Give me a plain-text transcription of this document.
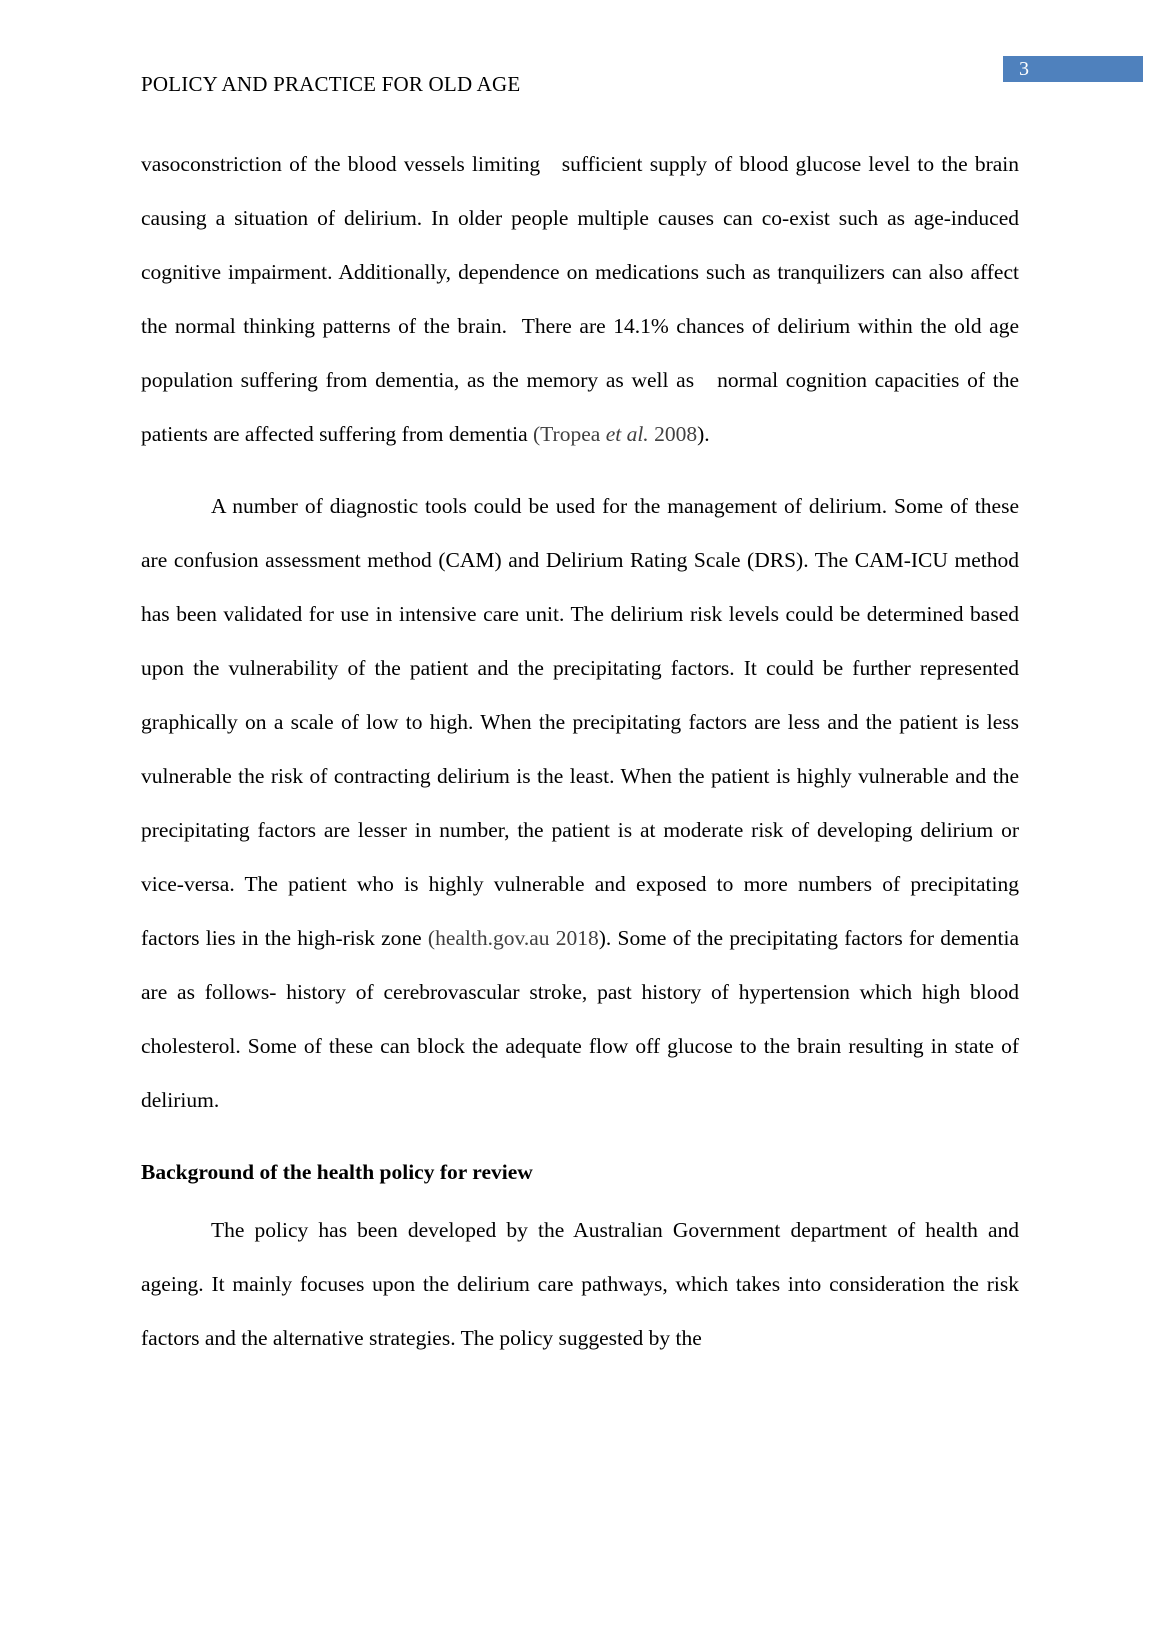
3
POLICY AND PRACTICE FOR OLD AGE

vasoconstriction of the blood vessels limiting   sufficient supply of blood glucose level to the brain causing a situation of delirium. In older people multiple causes can co-exist such as age-induced cognitive impairment. Additionally, dependence on medications such as tranquilizers can also affect the normal thinking patterns of the brain.  There are 14.1% chances of delirium within the old age population suffering from dementia, as the memory as well as   normal cognition capacities of the patients are affected suffering from dementia (Tropea et al. 2008).

A number of diagnostic tools could be used for the management of delirium. Some of these are confusion assessment method (CAM) and Delirium Rating Scale (DRS). The CAM-ICU method has been validated for use in intensive care unit. The delirium risk levels could be determined based upon the vulnerability of the patient and the precipitating factors. It could be further represented graphically on a scale of low to high. When the precipitating factors are less and the patient is less vulnerable the risk of contracting delirium is the least. When the patient is highly vulnerable and the precipitating factors are lesser in number, the patient is at moderate risk of developing delirium or vice-versa. The patient who is highly vulnerable and exposed to more numbers of precipitating factors lies in the high-risk zone (health.gov.au 2018). Some of the precipitating factors for dementia are as follows- history of cerebrovascular stroke, past history of hypertension which high blood cholesterol. Some of these can block the adequate flow off glucose to the brain resulting in state of delirium.

Background of the health policy for review

The policy has been developed by the Australian Government department of health and ageing. It mainly focuses upon the delirium care pathways, which takes into consideration the risk factors and the alternative strategies. The policy suggested by the
